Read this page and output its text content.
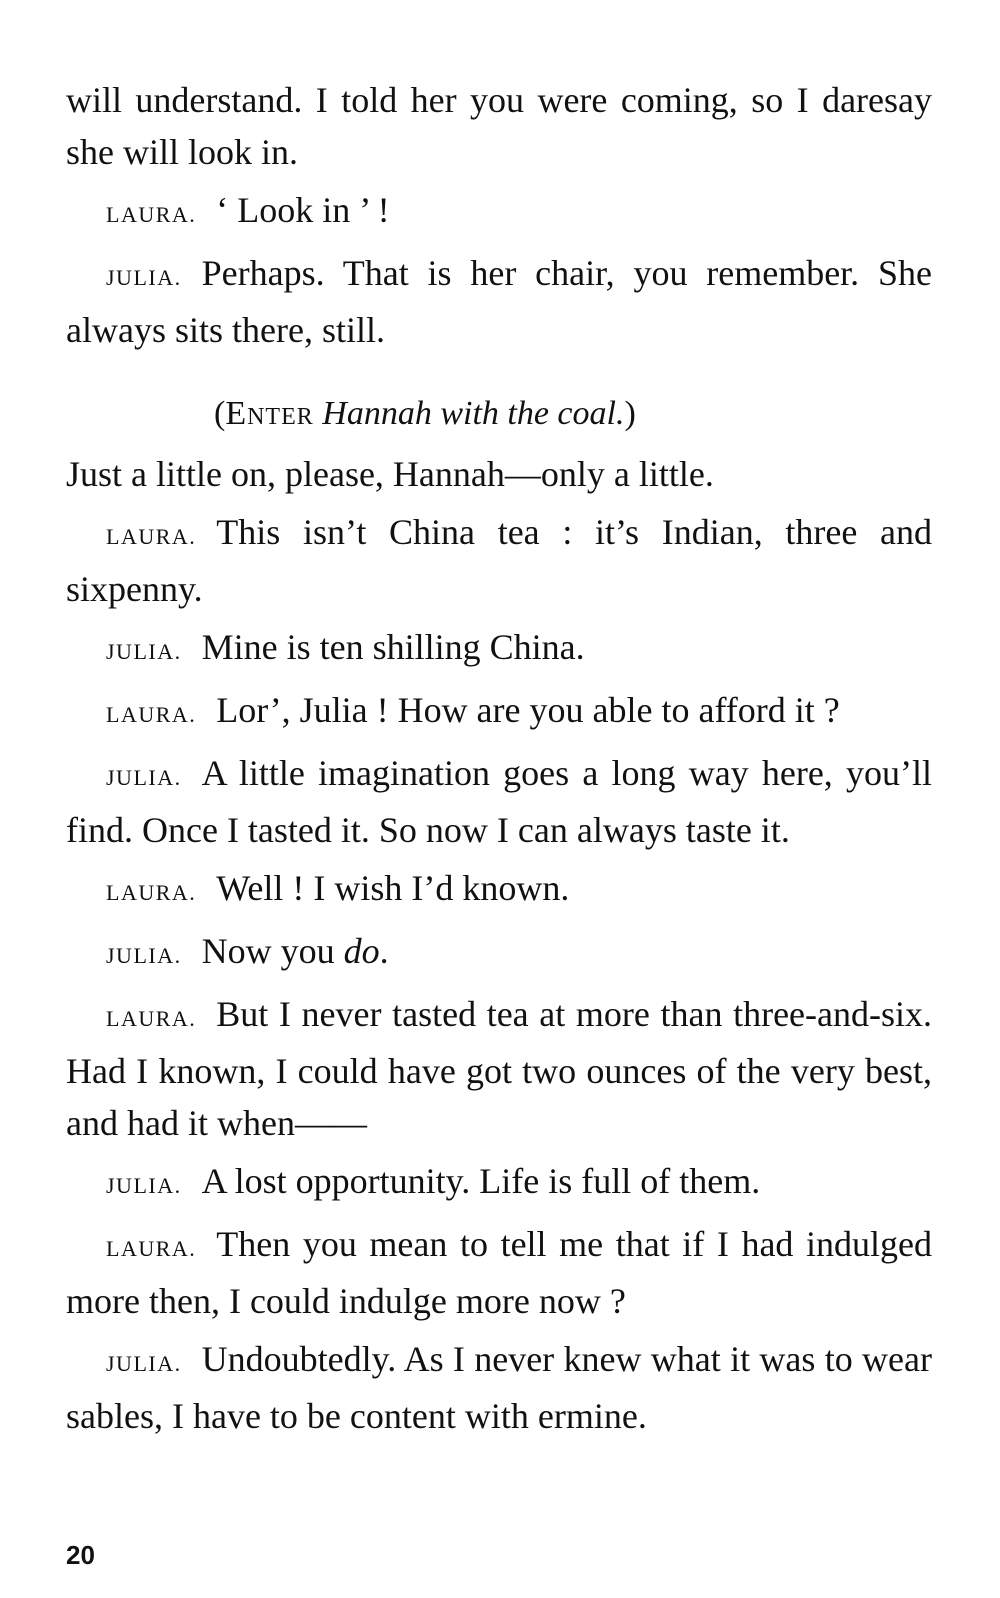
will understand. I told her you were coming, so I daresay she will look in.

LAURA. ‘ Look in ’ !

JULIA. Perhaps. That is her chair, you remember. She always sits there, still.

(Enter Hannah with the coal.)

Just a little on, please, Hannah—only a little.

LAURA. This isn’t China tea : it’s Indian, three and sixpenny.

JULIA. Mine is ten shilling China.

LAURA. Lor’, Julia ! How are you able to afford it ?

JULIA. A little imagination goes a long way here, you’ll find. Once I tasted it. So now I can always taste it.

LAURA. Well ! I wish I’d known.

JULIA. Now you do.

LAURA. But I never tasted tea at more than three-and-six. Had I known, I could have got two ounces of the very best, and had it when——

JULIA. A lost opportunity. Life is full of them.

LAURA. Then you mean to tell me that if I had indulged more then, I could indulge more now ?

JULIA. Undoubtedly. As I never knew what it was to wear sables, I have to be content with ermine.

20
